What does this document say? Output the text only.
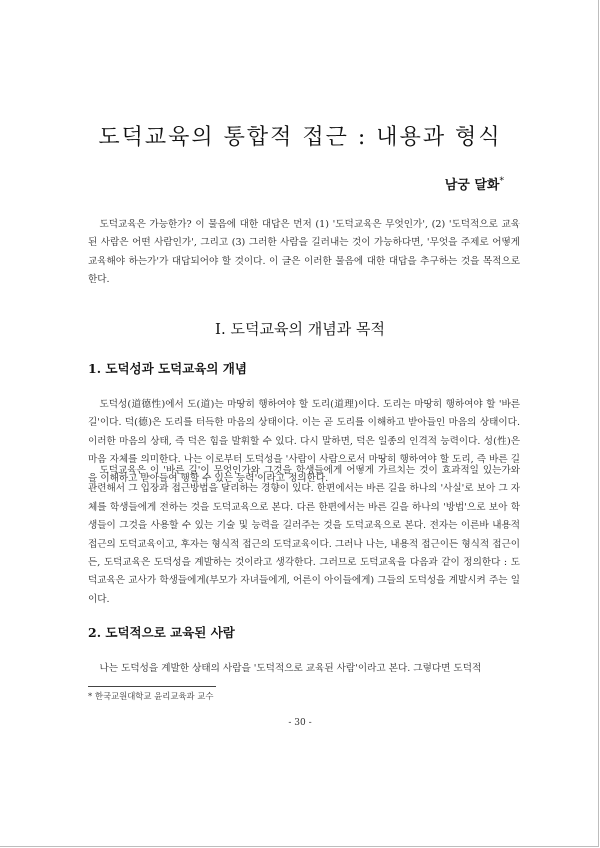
도덕교육의 통합적 접근 : 내용과 형식
남궁 달화*

도덕교육은 가능한가? 이 물음에 대한 대답은 먼저 (1) '도덕교육은 무엇인가', (2) '도덕적으로 교육된 사람은 어떤 사람인가', 그리고 (3) 그러한 사람을 길러내는 것이 가능하다면, '무엇을 주제로 어떻게 교육해야 하는가'가 대답되어야 할 것이다. 이 글은 이러한 물음에 대한 대답을 추구하는 것을 목적으로 한다.

I. 도덕교육의 개념과 목적
1. 도덕성과 도덕교육의 개념

도덕성(道德性)에서 도(道)는 마땅히 행하여야 할 도리(道理)이다. 도리는 마땅히 행하여야 할 '바른 길'이다. 덕(德)은 도리를 터득한 마음의 상태이다. 이는 곧 도리를 이해하고 받아들인 마음의 상태이다. 이러한 마음의 상태, 즉 덕은 힘을 발휘할 수 있다. 다시 말하면, 덕은 일종의 인격적 능력이다. 성(性)은 마음 자체를 의미한다. 나는 이로부터 도덕성을 '사람이 사람으로서 마땅히 행하여야 할 도리, 즉 바른 길을 이해하고 받아들여 행할 수 있는 능력'이라고 정의한다.

도덕교육은 이 '바른 길'이 무엇인가와 그것을 학생들에게 어떻게 가르치는 것이 효과적일 있는가와 관련해서 그 입장과 접근방법을 달리하는 경향이 있다. 한편에서는 바른 길을 하나의 '사실'로 보아 그 자체를 학생들에게 전하는 것을 도덕교육으로 본다. 다른 한편에서는 바른 길을 하나의 '방법'으로 보아 학생들이 그것을 사용할 수 있는 기술 및 능력을 길러주는 것을 도덕교육으로 본다. 전자는 이른바 내용적 접근의 도덕교육이고, 후자는 형식적 접근의 도덕교육이다. 그러나 나는, 내용적 접근이든 형식적 접근이든, 도덕교육은 도덕성을 계발하는 것이라고 생각한다. 그러므로 도덕교육을 다음과 같이 정의한다 : 도덕교육은 교사가 학생들에게(부모가 자녀들에게, 어른이 아이들에게) 그들의 도덕성을 계발시켜 주는 일이다.

2. 도덕적으로 교육된 사람

나는 도덕성을 계발한 상태의 사람을 '도덕적으로 교육된 사람'이라고 본다. 그렇다면 도덕적

* 한국교원대학교 윤리교육과 교수

- 30 -
